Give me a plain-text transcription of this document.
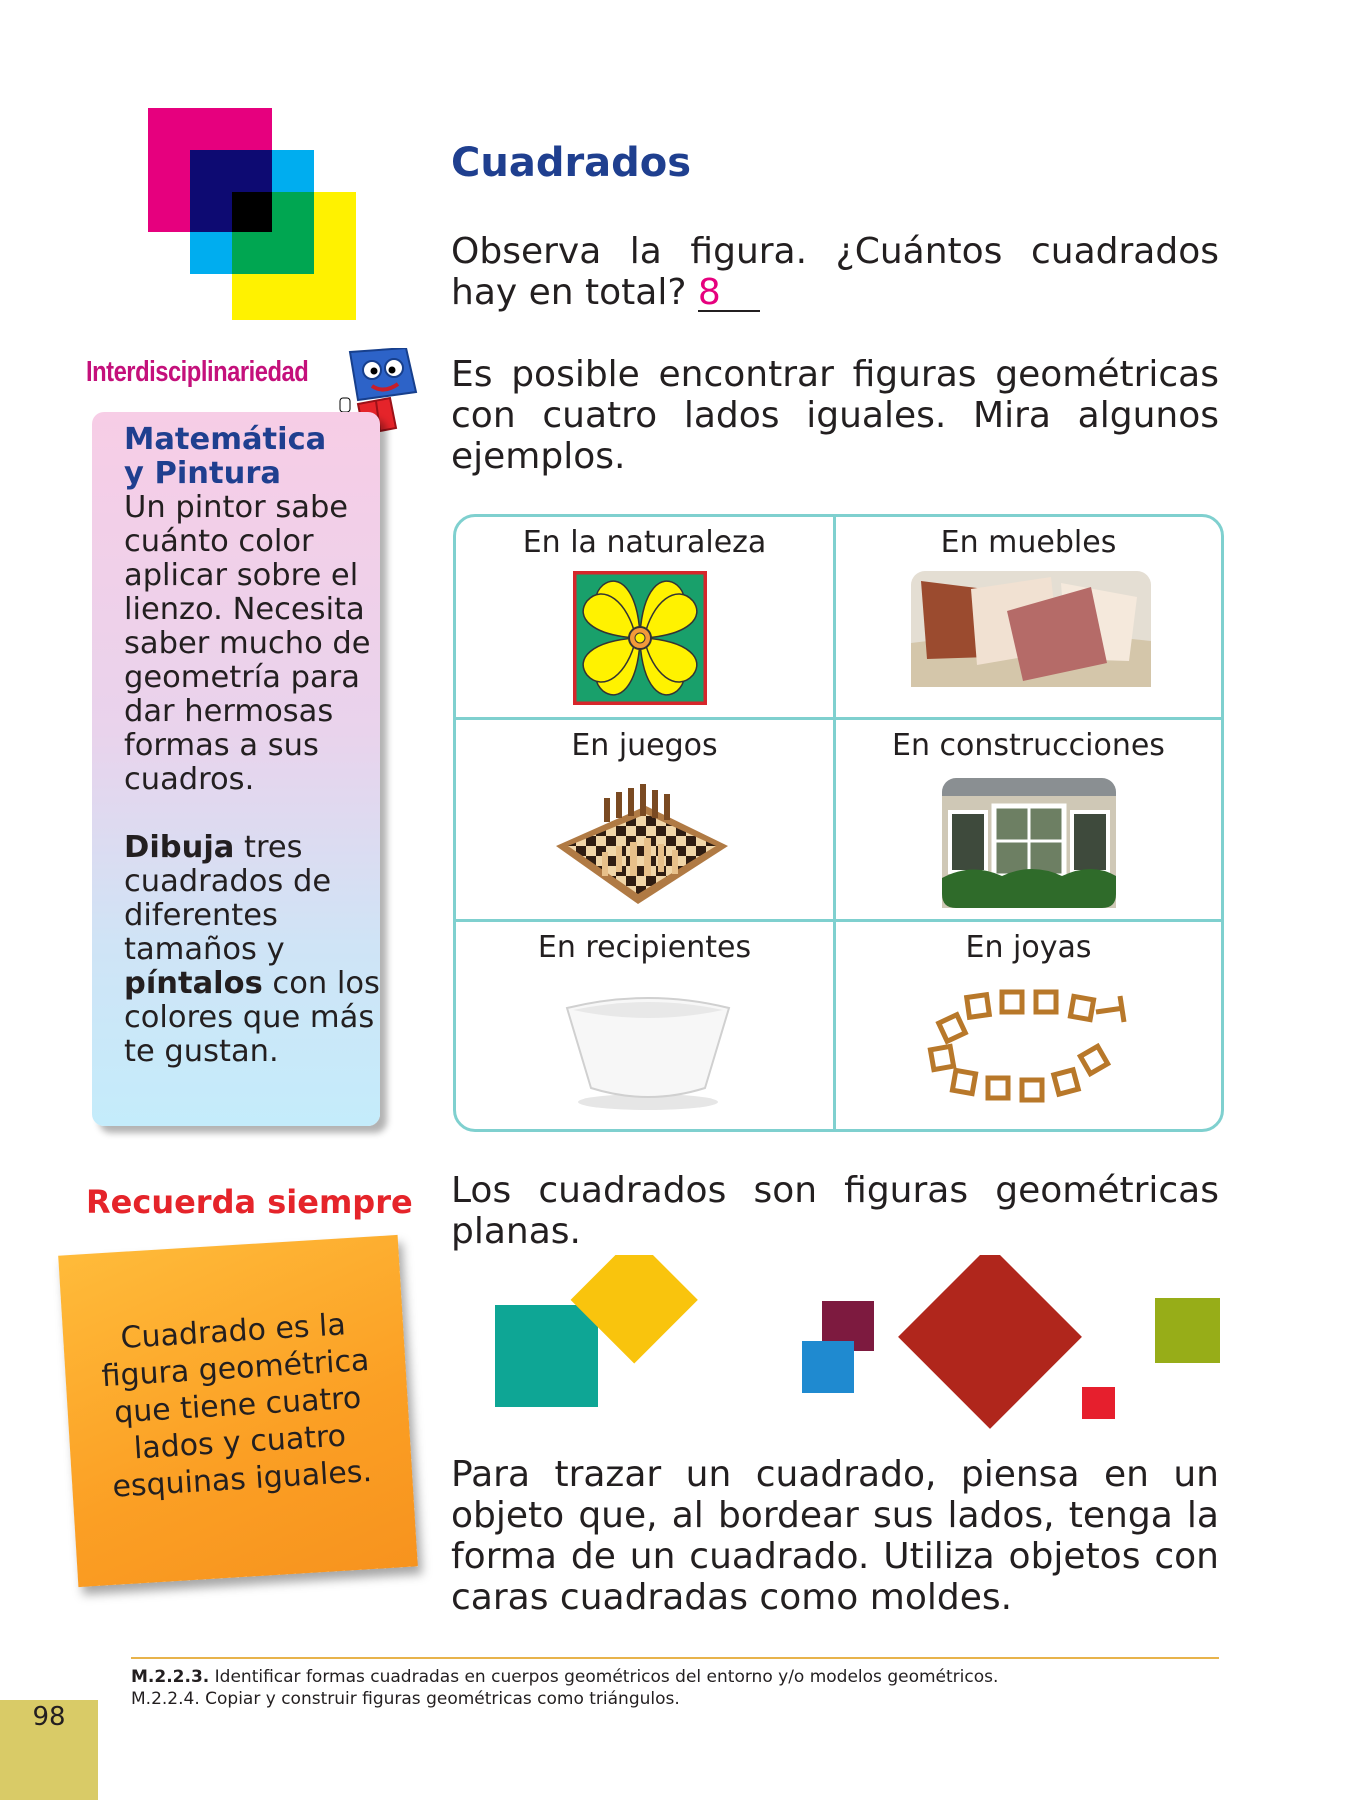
Cuadrados

Observa la figura. ¿Cuántos cuadrados hay en total? 8

Es posible encontrar figuras geométricas con cuatro lados iguales. Mira algunos ejemplos.

Interdisciplinariedad
Matemática
y Pintura
Un pintor sabe cuánto color aplicar sobre el lienzo. Necesita saber mucho de geometría para dar hermosas formas a sus cuadros.
Dibuja tres cuadrados de diferentes tamaños y píntalos con los colores que más te gustan.
En la naturaleza	En muebles
En juegos	En construcciones
En recipientes	En joyas

Los cuadrados son figuras geométricas planas.

Para trazar un cuadrado, piensa en un objeto que, al bordear sus lados, tenga la forma de un cuadrado. Utiliza objetos con caras cuadradas como moldes.

Recuerda siempre
Cuadrado es la figura geométrica que tiene cuatro lados y cuatro esquinas iguales.
M.2.2.3. Identificar formas cuadradas en cuerpos geométricos del entorno y/o modelos geométricos.
M.2.2.4. Copiar y construir figuras geométricas como triángulos.
98
